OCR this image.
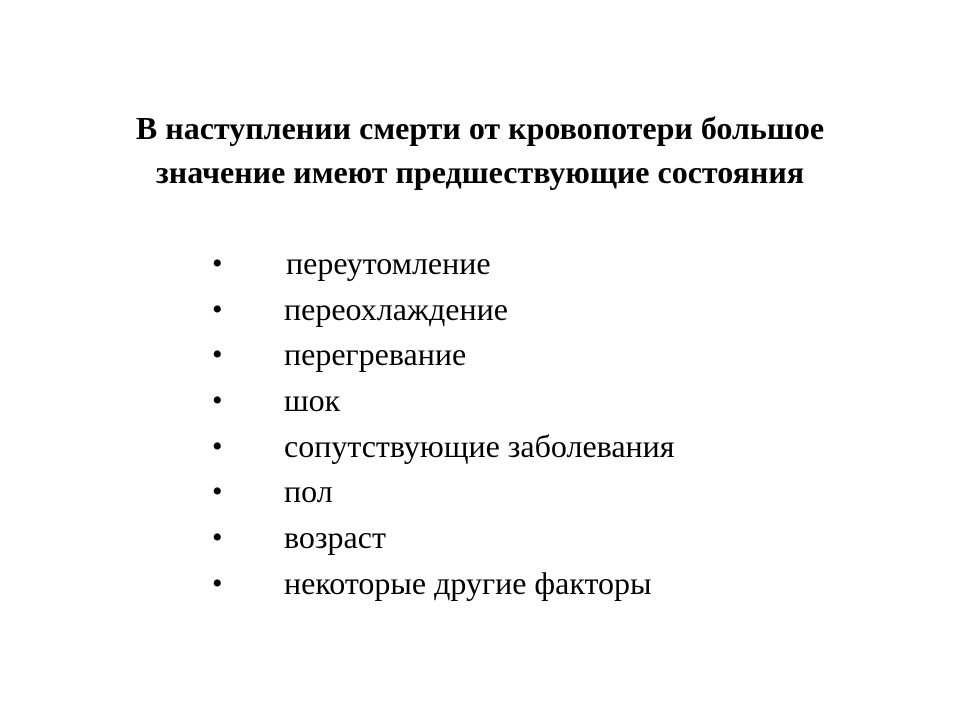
В наступлении смерти от кровопотери большое
значение имеют предшествующие состояния
• переутомление
• переохлаждение
• перегревание
• шок
• сопутствующие заболевания
• пол
• возраст
• некоторые другие факторы
